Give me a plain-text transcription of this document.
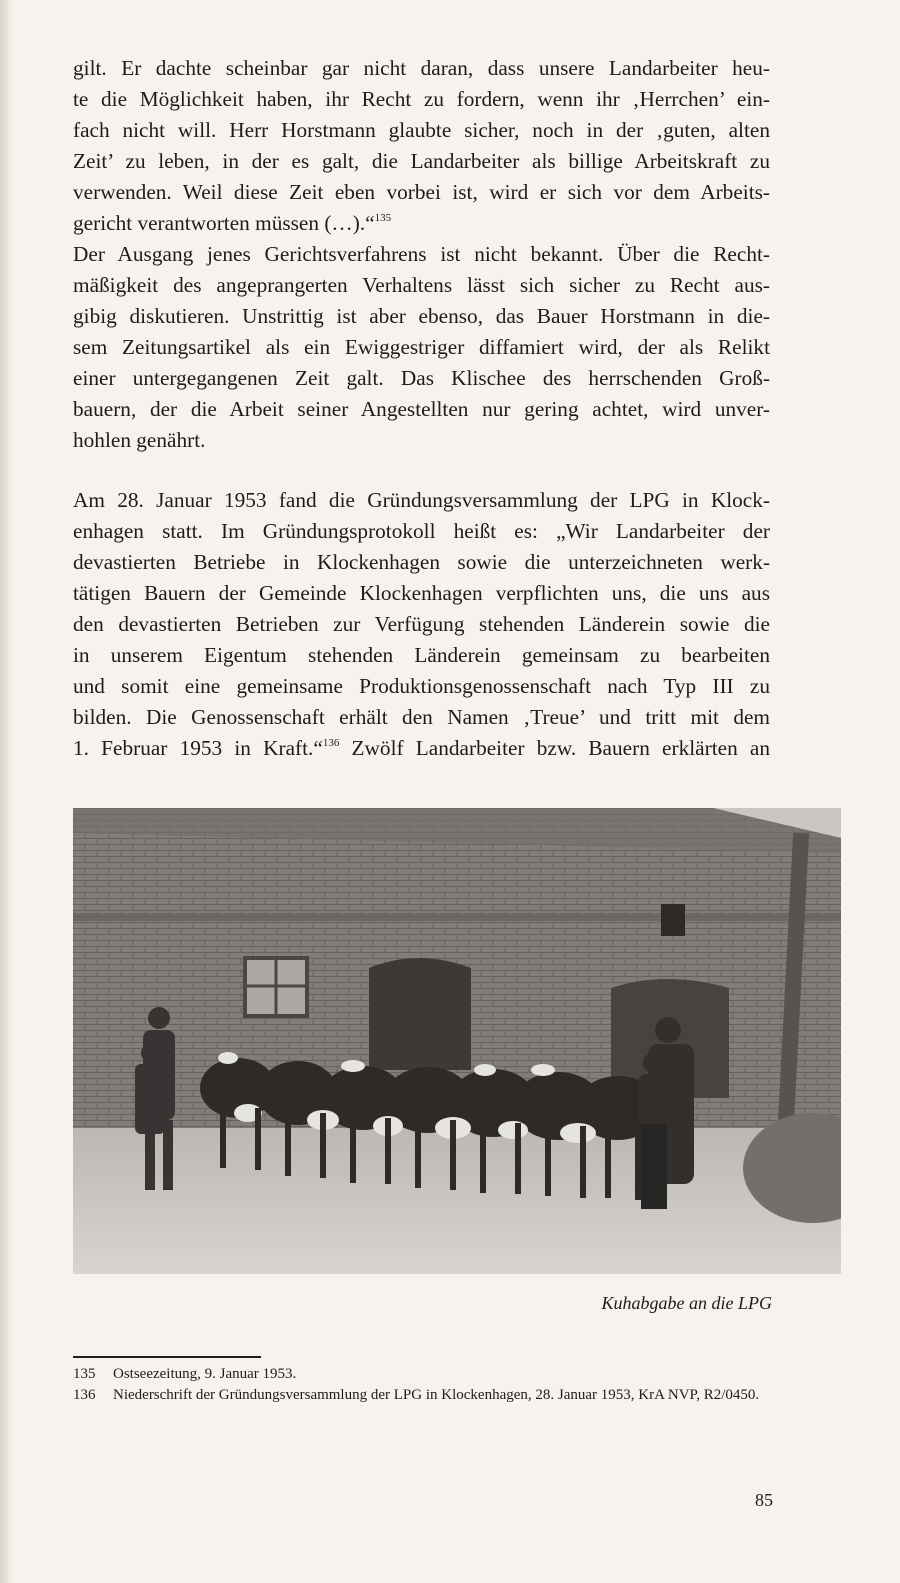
gilt. Er dachte scheinbar gar nicht daran, dass unsere Landarbeiter heu-
te die Möglichkeit haben, ihr Recht zu fordern, wenn ihr ‚Herrchen’ ein-
fach nicht will. Herr Horstmann glaubte sicher, noch in der ‚guten, alten
Zeit’ zu leben, in der es galt, die Landarbeiter als billige Arbeitskraft zu
verwenden. Weil diese Zeit eben vorbei ist, wird er sich vor dem Arbeits-
gericht verantworten müssen (…).“$^{135}$
Der Ausgang jenes Gerichtsverfahrens ist nicht bekannt. Über die Recht-
mäßigkeit des angeprangerten Verhaltens lässt sich sicher zu Recht aus-
gibig diskutieren. Unstrittig ist aber ebenso, das Bauer Horstmann in die-
sem Zeitungsartikel als ein Ewiggestriger diffamiert wird, der als Relikt
einer untergegangenen Zeit galt. Das Klischee des herrschenden Groß-
bauern, der die Arbeit seiner Angestellten nur gering achtet, wird unver-
hohlen genährt.
Am 28. Januar 1953 fand die Gründungsversammlung der LPG in Klock-
enhagen statt. Im Gründungsprotokoll heißt es: „Wir Landarbeiter der
devastierten Betriebe in Klockenhagen sowie die unterzeichneten werk-
tätigen Bauern der Gemeinde Klockenhagen verpflichten uns, die uns aus
den devastierten Betrieben zur Verfügung stehenden Länderein sowie die
in unserem Eigentum stehenden Länderein gemeinsam zu bearbeiten
und somit eine gemeinsame Produktionsgenossenschaft nach Typ III zu
bilden. Die Genossenschaft erhält den Namen ‚Treue’ und tritt mit dem
1. Februar 1953 in Kraft.“$^{136}$ Zwölf Landarbeiter bzw. Bauern erklärten an
Kuhabgabe an die LPG
135	Ostseezeitung, 9. Januar 1953.
136	Niederschrift der Gründungsversammlung der LPG in Klockenhagen, 28. Januar 1953, KrA NVP, R2/0450.
85
